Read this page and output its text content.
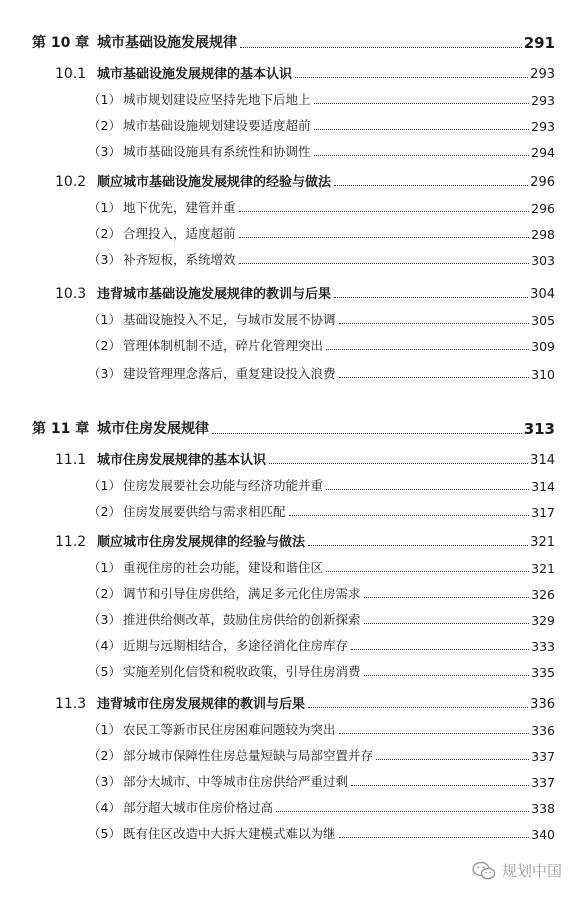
第 10 章 城市基础设施发展规律	291
10.1 城市基础设施发展规律的基本认识	293
（1） 城市规划建设应坚持先地下后地上	293
（2） 城市基础设施规划建设要适度超前	293
（3） 城市基础设施具有系统性和协调性	294
10.2 顺应城市基础设施发展规律的经验与做法	296
（1） 地下优先，建管并重	296
（2） 合理投入，适度超前	298
（3） 补齐短板，系统增效	303
10.3 违背城市基础设施发展规律的教训与后果	304
（1） 基础设施投入不足，与城市发展不协调	305
（2） 管理体制机制不适，碎片化管理突出	309
（3） 建设管理理念落后，重复建设投入浪费	310
第 11 章 城市住房发展规律	313
11.1 城市住房发展规律的基本认识	314
（1） 住房发展要社会功能与经济功能并重	314
（2） 住房发展要供给与需求相匹配	317
11.2 顺应城市住房发展规律的经验与做法	321
（1） 重视住房的社会功能，建设和谐住区	321
（2） 调节和引导住房供给，满足多元化住房需求	326
（3） 推进供给侧改革，鼓励住房供给的创新探索	329
（4） 近期与远期相结合，多途径消化住房库存	333
（5） 实施差别化信贷和税收政策，引导住房消费	335
11.3 违背城市住房发展规律的教训与后果	336
（1） 农民工等新市民住房困难问题较为突出	336
（2） 部分城市保障性住房总量短缺与局部空置并存	337
（3） 部分大城市、中等城市住房供给严重过剩	337
（4） 部分超大城市住房价格过高	338
（5） 既有住区改造中大拆大建模式难以为继	340
规划中国
